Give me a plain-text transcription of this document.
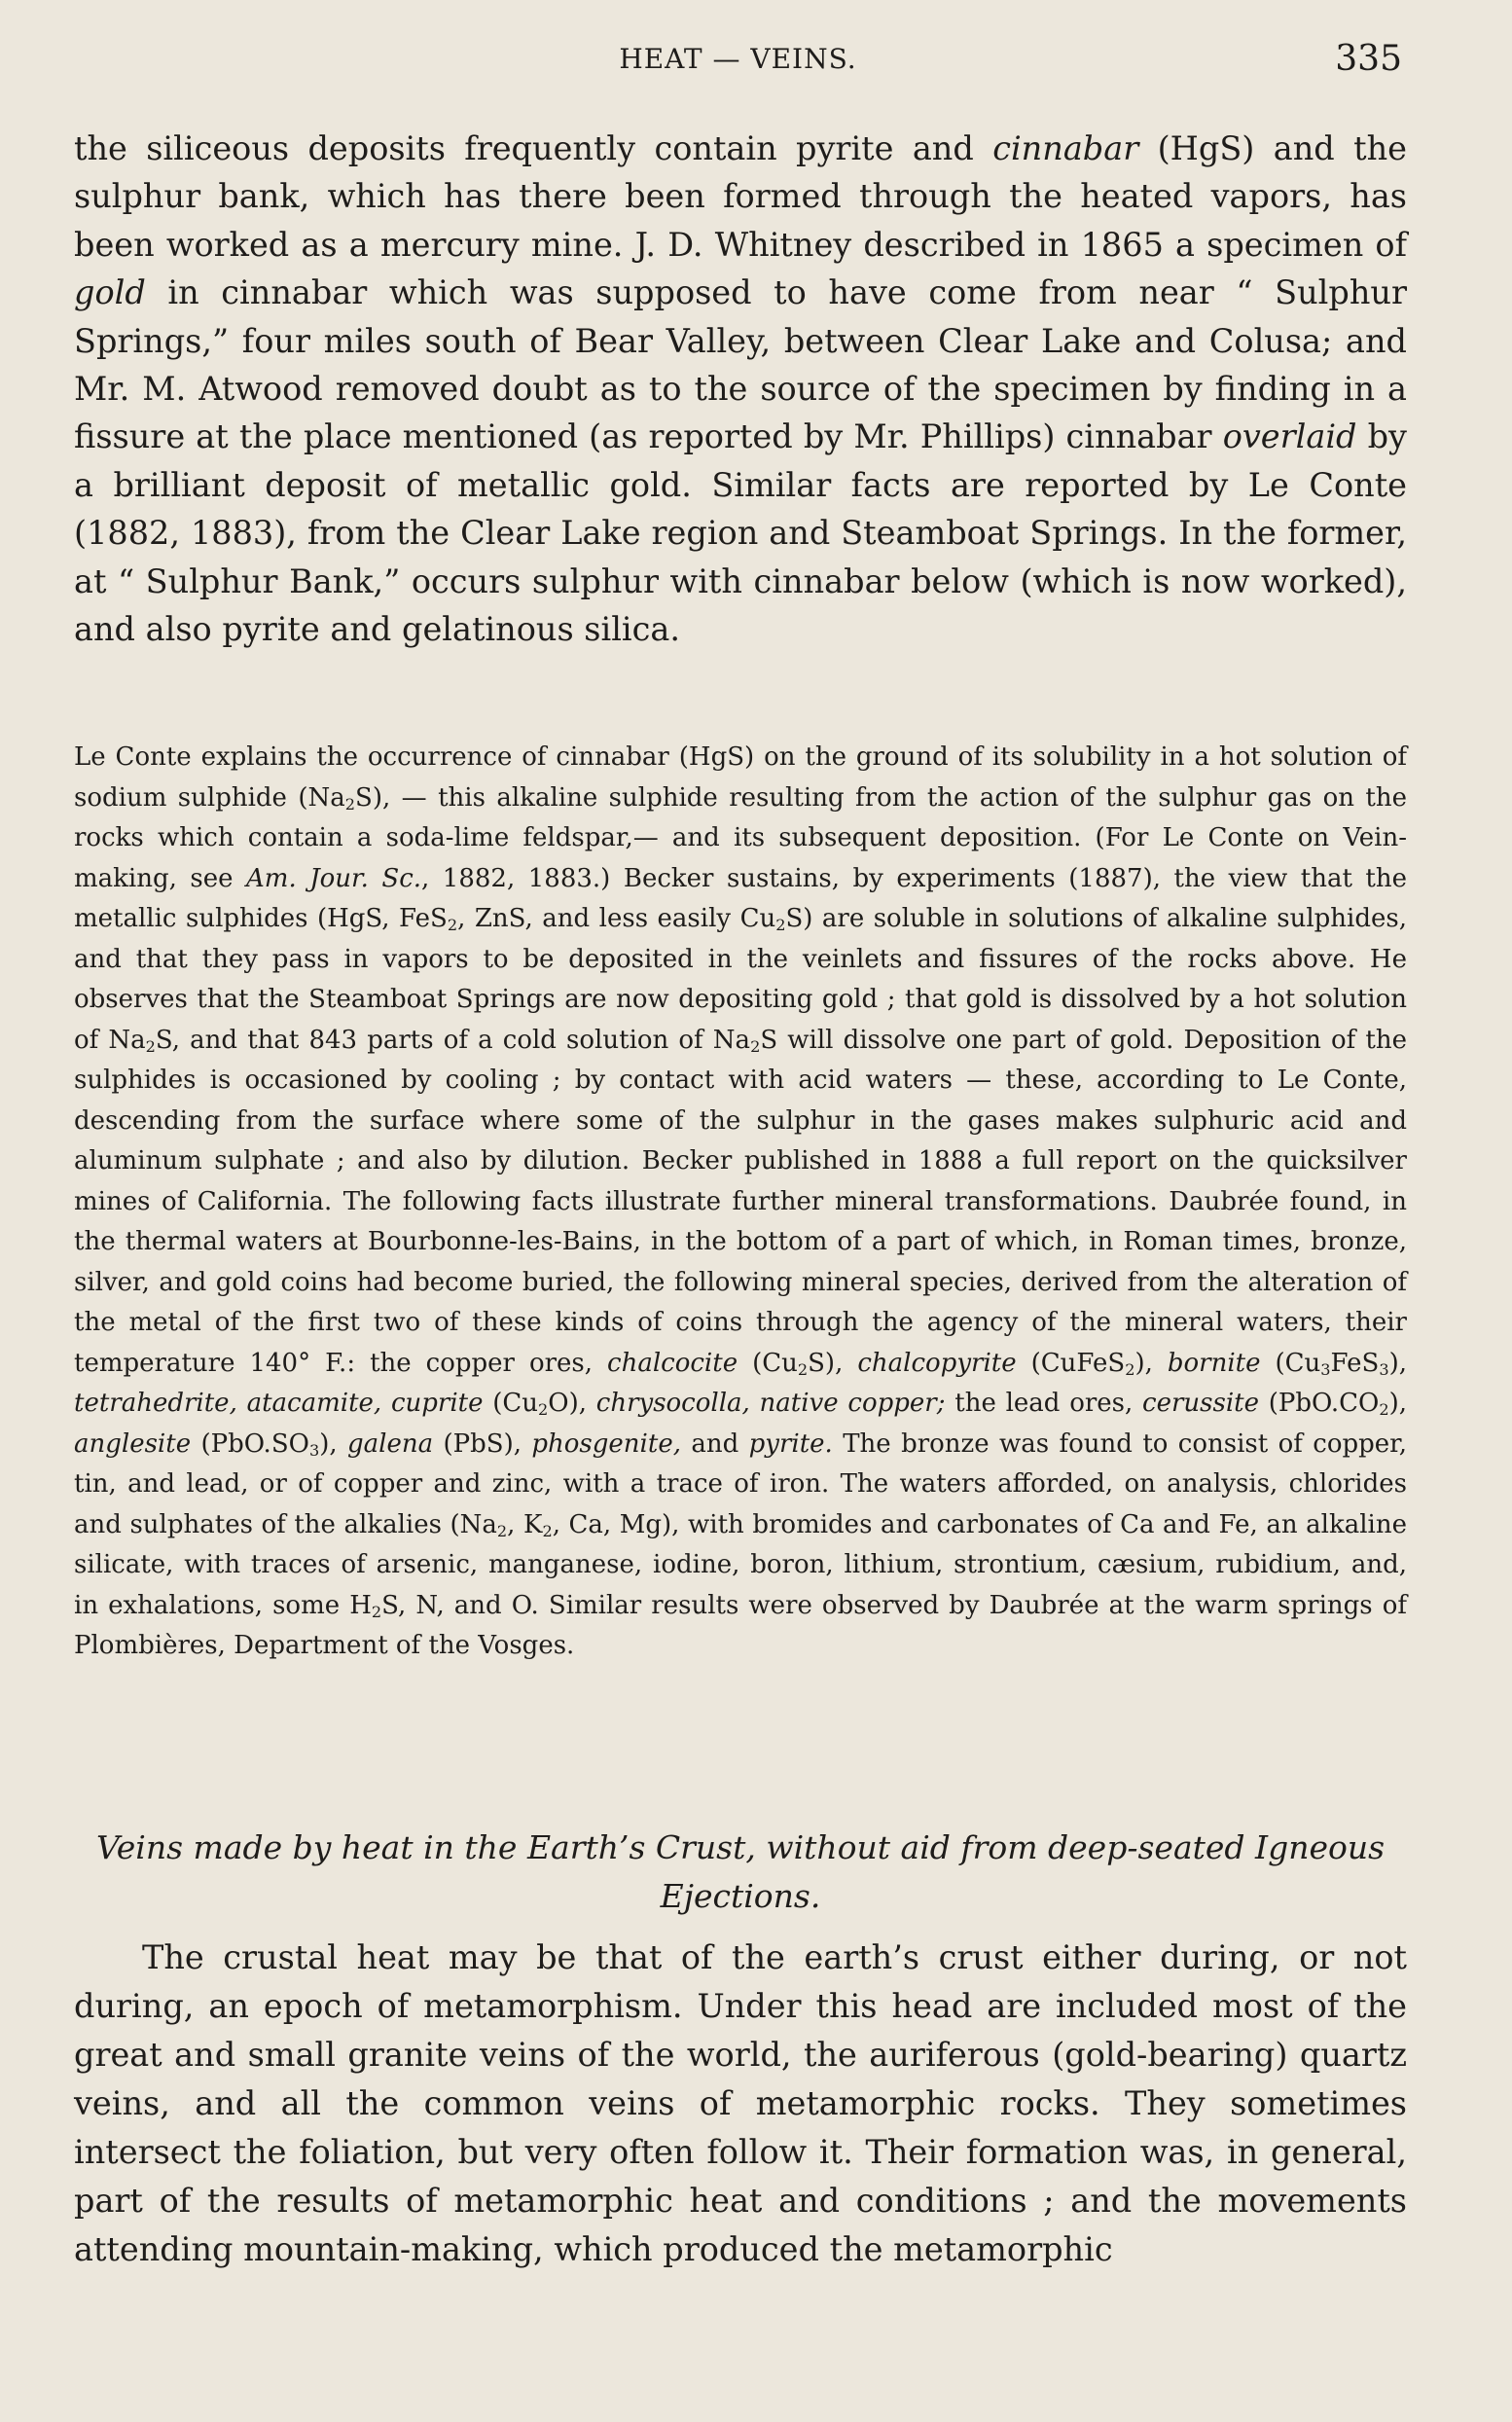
HEAT — VEINS.	335

the siliceous deposits frequently contain pyrite and cinnabar (HgS) and the sulphur bank, which has there been formed through the heated vapors, has been worked as a mercury mine. J. D. Whitney described in 1865 a specimen of gold in cinnabar which was supposed to have come from near “ Sulphur Springs,” four miles south of Bear Valley, between Clear Lake and Colusa; and Mr. M. Atwood removed doubt as to the source of the specimen by finding in a fissure at the place mentioned (as reported by Mr. Phillips) cinnabar overlaid by a brilliant deposit of metallic gold. Similar facts are reported by Le Conte (1882, 1883), from the Clear Lake region and Steamboat Springs. In the former, at “ Sulphur Bank,” occurs sulphur with cinnabar below (which is now worked), and also pyrite and gelatinous silica.

Le Conte explains the occurrence of cinnabar (HgS) on the ground of its solubility in a hot solution of sodium sulphide $(Na_2S)$, — this alkaline sulphide resulting from the action of the sulphur gas on the rocks which contain a soda-lime feldspar,— and its subsequent deposition. (For Le Conte on Vein-making, see Am. Jour. Sc., 1882, 1883.) Becker sustains, by experiments (1887), the view that the metallic sulphides (HgS, FeS$_2$, ZnS, and less easily $Cu_2S$) are soluble in solutions of alkaline sulphides, and that they pass in vapors to be deposited in the veinlets and fissures of the rocks above. He observes that the Steamboat Springs are now depositing gold ; that gold is dissolved by a hot solution of $Na_2S$, and that 843 parts of a cold solution of $Na_2S$ will dissolve one part of gold. Deposition of the sulphides is occasioned by cooling ; by contact with acid waters — these, according to Le Conte, descending from the surface where some of the sulphur in the gases makes sulphuric acid and aluminum sulphate ; and also by dilution. Becker published in 1888 a full report on the quicksilver mines of California. The following facts illustrate further mineral transformations. Daubrée found, in the thermal waters at Bourbonne-les-Bains, in the bottom of a part of which, in Roman times, bronze, silver, and gold coins had become buried, the following mineral species, derived from the alteration of the metal of the first two of these kinds of coins through the agency of the mineral waters, their temperature 140° F.: the copper ores, chalcocite $(Cu_2S)$, chalcopyrite (CuFeS$_2$), bornite $(Cu_3FeS_3)$, tetrahedrite, atacamite, cuprite $(Cu_2O)$, chrysocolla, native copper; the lead ores, cerussite $(PbO.CO_2)$, anglesite $(PbO.SO_3)$, galena (PbS), phosgenite, and pyrite. The bronze was found to consist of copper, tin, and lead, or of copper and zinc, with a trace of iron. The waters afforded, on analysis, chlorides and sulphates of the alkalies ($Na_2$, $K_2$, Ca, Mg), with bromides and carbonates of Ca and Fe, an alkaline silicate, with traces of arsenic, manganese, iodine, boron, lithium, strontium, cæsium, rubidium, and, in exhalations, some $H_2S$, N, and O. Similar results were observed by Daubrée at the warm springs of Plombières, Department of the Vosges.

Veins made by heat in the Earth’s Crust, without aid from deep-seated Igneous Ejections.

The crustal heat may be that of the earth’s crust either during, or not during, an epoch of metamorphism. Under this head are included most of the great and small granite veins of the world, the auriferous (gold-bearing) quartz veins, and all the common veins of metamorphic rocks. They sometimes intersect the foliation, but very often follow it. Their formation was, in general, part of the results of metamorphic heat and conditions ; and the movements attending mountain-making, which produced the metamorphic
